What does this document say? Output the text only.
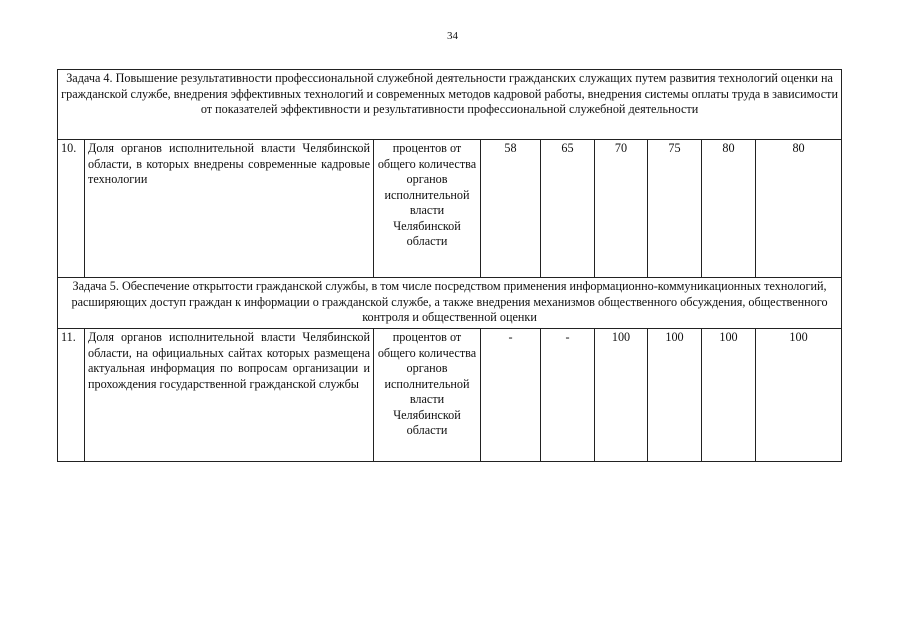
34
Задача 4. Повышение результативности профессиональной служебной деятельности гражданских служащих путем развития технологий оценки на гражданской службе, внедрения эффективных технологий и современных методов кадровой работы, внедрения системы оплаты труда в зависимости от показателей эффективности и результативности профессиональной служебной деятельности								
10.	Доля органов исполнительной власти Челябинской области, в которых внедрены современные кадровые технологии	процентов от общего количества органов исполнительной власти Челябинской области	58	65	70	75	80	80
Задача 5. Обеспечение открытости гражданской службы, в том числе посредством применения информационно-коммуникационных технологий, расширяющих доступ граждан к информации о гражданской службе, а также внедрения механизмов общественного обсуждения, общественного контроля и общественной оценки								
11.	Доля органов исполнительной власти Челябинской области, на официальных сайтах которых размещена актуальная информация по вопросам организации и прохождения государственной гражданской службы	процентов от общего количества органов исполнительной власти Челябинской области	-	-	100	100	100	100
